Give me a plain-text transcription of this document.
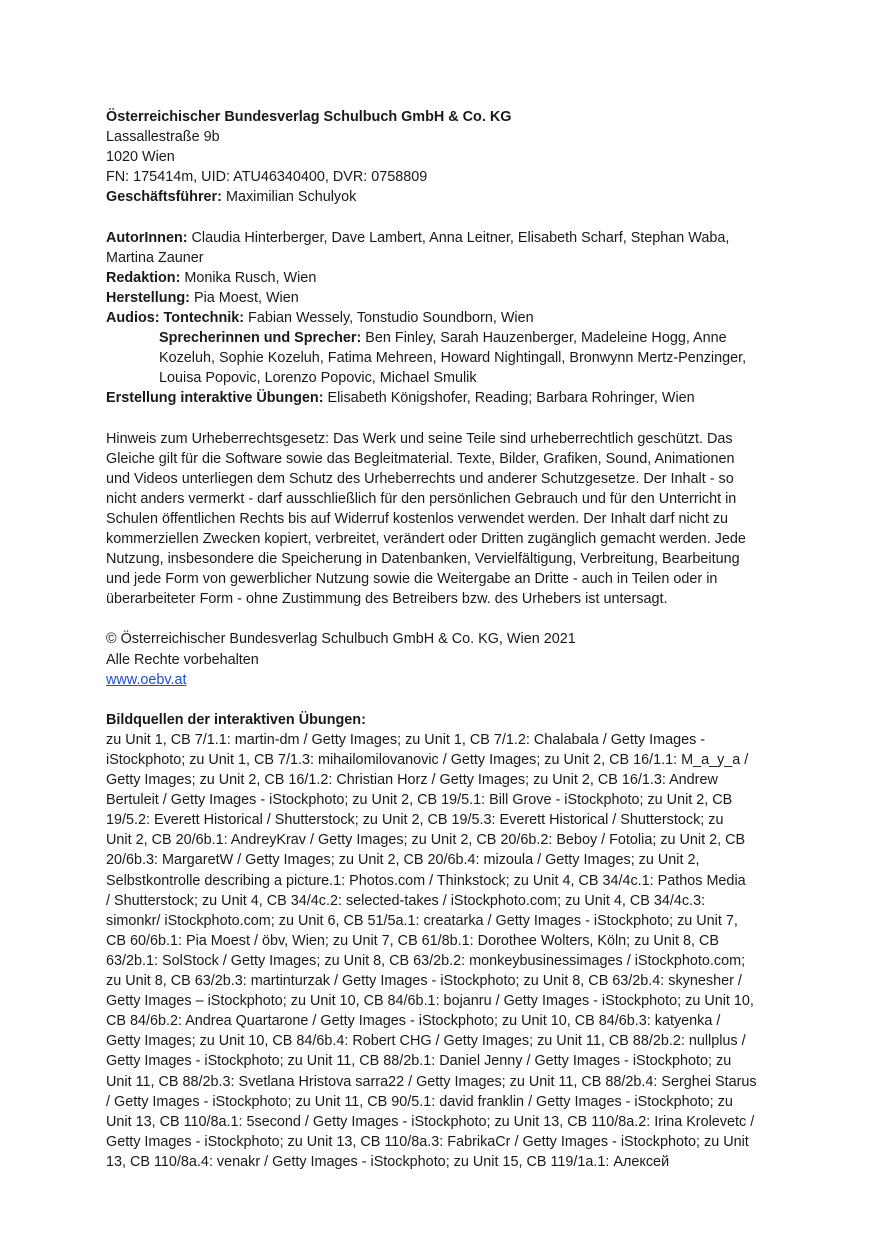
Österreichischer Bundesverlag Schulbuch GmbH & Co. KG
Lassallestraße 9b
1020 Wien
FN: 175414m, UID: ATU46340400, DVR: 0758809
Geschäftsführer: Maximilian Schulyok
AutorInnen: Claudia Hinterberger, Dave Lambert, Anna Leitner, Elisabeth Scharf, Stephan Waba,
Martina Zauner
Redaktion: Monika Rusch, Wien
Herstellung: Pia Moest, Wien
Audios: Tontechnik: Fabian Wessely, Tonstudio Soundborn, Wien
Sprecherinnen und Sprecher: Ben Finley, Sarah Hauzenberger, Madeleine Hogg, Anne
Kozeluh, Sophie Kozeluh, Fatima Mehreen, Howard Nightingall, Bronwynn Mertz-Penzinger,
Louisa Popovic, Lorenzo Popovic, Michael Smulik
Erstellung interaktive Übungen: Elisabeth Königshofer, Reading; Barbara Rohringer, Wien
Hinweis zum Urheberrechtsgesetz: Das Werk und seine Teile sind urheberrechtlich geschützt. Das
Gleiche gilt für die Software sowie das Begleitmaterial. Texte, Bilder, Grafiken, Sound, Animationen
und Videos unterliegen dem Schutz des Urheberrechts und anderer Schutzgesetze. Der Inhalt - so
nicht anders vermerkt - darf ausschließlich für den persönlichen Gebrauch und für den Unterricht in
Schulen öffentlichen Rechts bis auf Widerruf kostenlos verwendet werden. Der Inhalt darf nicht zu
kommerziellen Zwecken kopiert, verbreitet, verändert oder Dritten zugänglich gemacht werden. Jede
Nutzung, insbesondere die Speicherung in Datenbanken, Vervielfältigung, Verbreitung, Bearbeitung
und jede Form von gewerblicher Nutzung sowie die Weitergabe an Dritte - auch in Teilen oder in
überarbeiteter Form - ohne Zustimmung des Betreibers bzw. des Urhebers ist untersagt.
© Österreichischer Bundesverlag Schulbuch GmbH & Co. KG, Wien 2021
Alle Rechte vorbehalten
www.oebv.at
Bildquellen der interaktiven Übungen:
zu Unit 1, CB 7/1.1: martin-dm / Getty Images; zu Unit 1, CB 7/1.2: Chalabala / Getty Images -
iStockphoto; zu Unit 1, CB 7/1.3: mihailomilovanovic / Getty Images; zu Unit 2, CB 16/1.1: M_a_y_a /
Getty Images; zu Unit 2, CB 16/1.2: Christian Horz / Getty Images; zu Unit 2, CB 16/1.3: Andrew
Bertuleit / Getty Images - iStockphoto; zu Unit 2, CB 19/5.1: Bill Grove - iStockphoto; zu Unit 2, CB
19/5.2: Everett Historical / Shutterstock; zu Unit 2, CB 19/5.3: Everett Historical / Shutterstock; zu
Unit 2, CB 20/6b.1: AndreyKrav / Getty Images; zu Unit 2, CB 20/6b.2: Beboy / Fotolia; zu Unit 2, CB
20/6b.3: MargaretW / Getty Images; zu Unit 2, CB 20/6b.4: mizoula / Getty Images; zu Unit 2,
Selbstkontrolle describing a picture.1: Photos.com / Thinkstock; zu Unit 4, CB 34/4c.1: Pathos Media
/ Shutterstock; zu Unit 4, CB 34/4c.2: selected-takes / iStockphoto.com; zu Unit 4, CB 34/4c.3:
simonkr/ iStockphoto.com; zu Unit 6, CB 51/5a.1: creatarka / Getty Images - iStockphoto; zu Unit 7,
CB 60/6b.1: Pia Moest / öbv, Wien; zu Unit 7, CB 61/8b.1: Dorothee Wolters, Köln; zu Unit 8, CB
63/2b.1: SolStock / Getty Images; zu Unit 8, CB 63/2b.2: monkeybusinessimages / iStockphoto.com;
zu Unit 8, CB 63/2b.3: martinturzak / Getty Images - iStockphoto; zu Unit 8, CB 63/2b.4: skynesher /
Getty Images – iStockphoto; zu Unit 10, CB 84/6b.1: bojanru / Getty Images - iStockphoto; zu Unit 10,
CB 84/6b.2: Andrea Quartarone / Getty Images - iStockphoto; zu Unit 10, CB 84/6b.3: katyenka /
Getty Images; zu Unit 10, CB 84/6b.4: Robert CHG / Getty Images; zu Unit 11, CB 88/2b.2: nullplus /
Getty Images - iStockphoto; zu Unit 11, CB 88/2b.1: Daniel Jenny / Getty Images - iStockphoto; zu
Unit 11, CB 88/2b.3: Svetlana Hristova sarra22 / Getty Images; zu Unit 11, CB 88/2b.4: Serghei Starus
/ Getty Images - iStockphoto; zu Unit 11, CB 90/5.1: david franklin / Getty Images - iStockphoto; zu
Unit 13, CB 110/8a.1: 5second / Getty Images - iStockphoto; zu Unit 13, CB 110/8a.2: Irina Krolevetc /
Getty Images - iStockphoto; zu Unit 13, CB 110/8a.3: FabrikaCr / Getty Images - iStockphoto; zu Unit
13, CB 110/8a.4: venakr / Getty Images - iStockphoto; zu Unit 15, CB 119/1a.1: Алексей
